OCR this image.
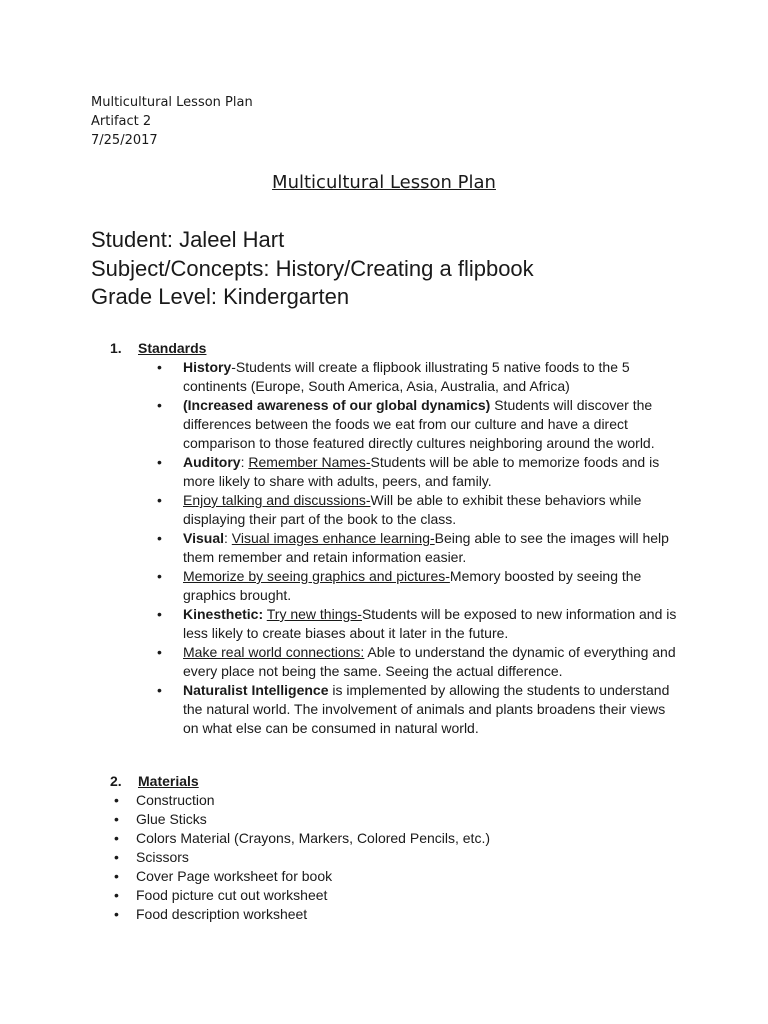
Multicultural Lesson Plan
Artifact 2
7/25/2017
Multicultural Lesson Plan
Student: Jaleel Hart
Subject/Concepts: History/Creating a flipbook
Grade Level: Kindergarten
1. Standards
• History-Students will create a flipbook illustrating 5 native foods to the 5 continents (Europe, South America, Asia, Australia, and Africa)
• (Increased awareness of our global dynamics) Students will discover the differences between the foods we eat from our culture and have a direct comparison to those featured directly cultures neighboring around the world.
• Auditory: Remember Names-Students will be able to memorize foods and is more likely to share with adults, peers, and family.
• Enjoy talking and discussions-Will be able to exhibit these behaviors while displaying their part of the book to the class.
• Visual: Visual images enhance learning-Being able to see the images will help them remember and retain information easier.
• Memorize by seeing graphics and pictures-Memory boosted by seeing the graphics brought.
• Kinesthetic: Try new things-Students will be exposed to new information and is less likely to create biases about it later in the future.
• Make real world connections: Able to understand the dynamic of everything and every place not being the same. Seeing the actual difference.
• Naturalist Intelligence is implemented by allowing the students to understand the natural world. The involvement of animals and plants broadens their views on what else can be consumed in natural world.
2. Materials
• Construction
• Glue Sticks
• Colors Material (Crayons, Markers, Colored Pencils, etc.)
• Scissors
• Cover Page worksheet for book
• Food picture cut out worksheet
• Food description worksheet
